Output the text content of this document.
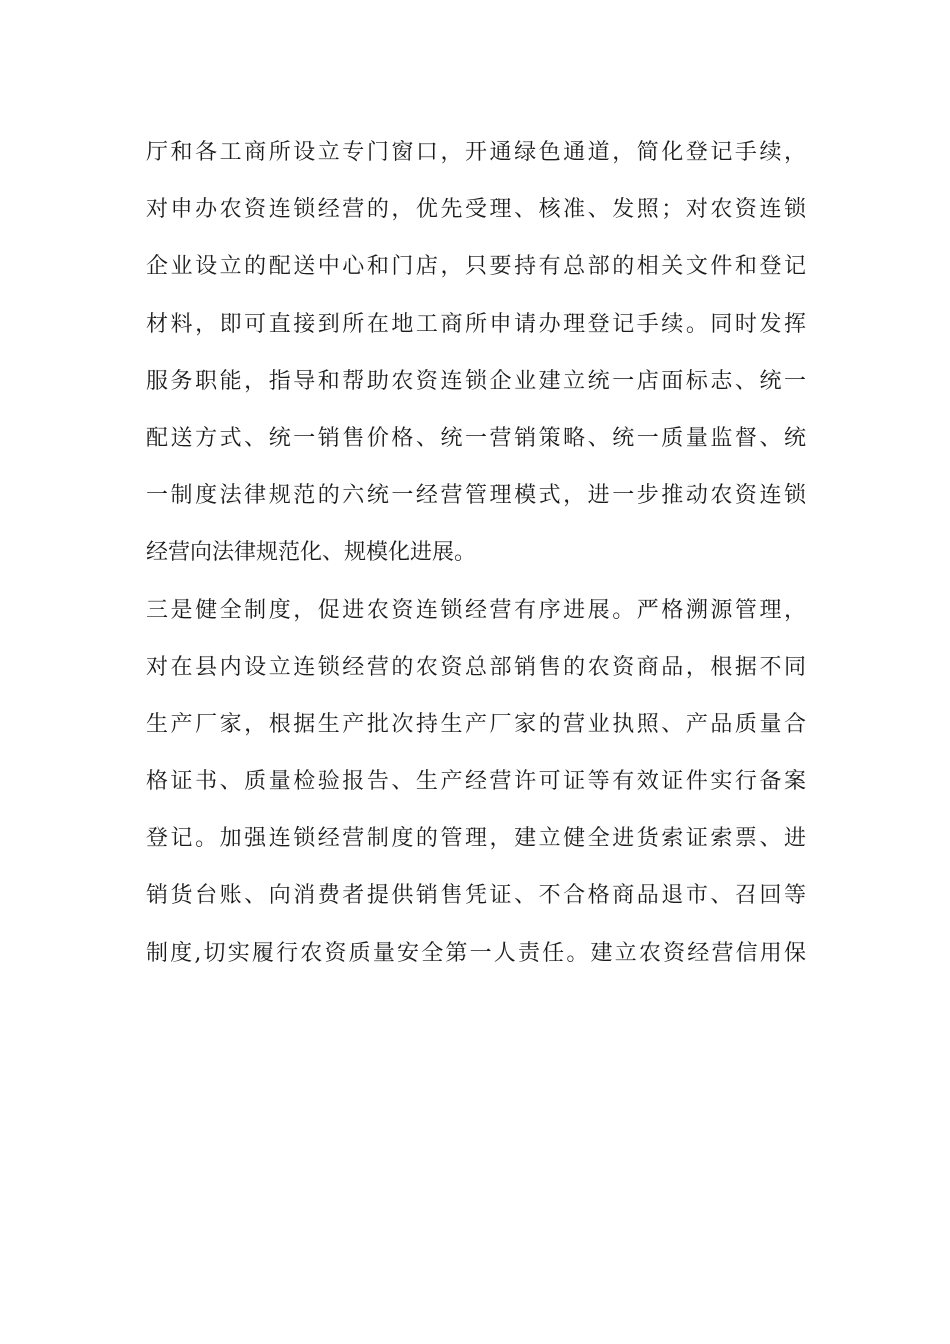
厅和各工商所设立专门窗口，开通绿色通道，简化登记手续，
对申办农资连锁经营的，优先受理、核准、发照；对农资连锁
企业设立的配送中心和门店，只要持有总部的相关文件和登记
材料，即可直接到所在地工商所申请办理登记手续。同时发挥
服务职能，指导和帮助农资连锁企业建立统一店面标志、统一
配送方式、统一销售价格、统一营销策略、统一质量监督、统
一制度法律规范的六统一经营管理模式，进一步推动农资连锁
经营向法律规范化、规模化进展。
三是健全制度，促进农资连锁经营有序进展。严格溯源管理，
对在县内设立连锁经营的农资总部销售的农资商品，根据不同
生产厂家，根据生产批次持生产厂家的营业执照、产品质量合
格证书、质量检验报告、生产经营许可证等有效证件实行备案
登记。加强连锁经营制度的管理，建立健全进货索证索票、进
销货台账、向消费者提供销售凭证、不合格商品退市、召回等
制度,切实履行农资质量安全第一人责任。建立农资经营信用保
